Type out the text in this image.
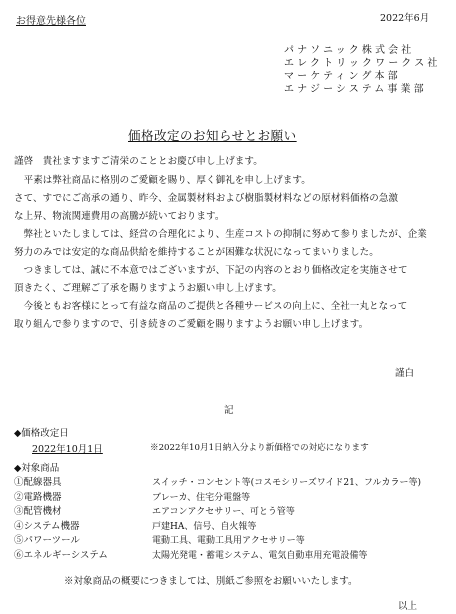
お得意先様各位	2022年6月
パナソニック株式会社
エレクトリックワークス社
マーケティング本部
エナジーシステム事業部
価格改定のお知らせとお願い
謹啓　貴社ますますご清栄のこととお慶び申し上げます。
　平素は弊社商品に格別のご愛顧を賜り、厚く御礼を申し上げます。
さて、すでにご高承の通り、昨今、金属製材料および樹脂製材料などの原材料価格の急激
な上昇、物流関連費用の高騰が続いております。
　弊社といたしましては、経営の合理化により、生産コストの抑制に努めて参りましたが、企業
努力のみでは安定的な商品供給を維持することが困難な状況になってまいりました。
　つきましては、誠に不本意ではございますが、下記の内容のとおり価格改定を実施させて
頂きたく、ご理解ご了承を賜りますようお願い申し上げます。
　今後ともお客様にとって有益な商品のご提供と各種サービスの向上に、全社一丸となって
取り組んで参りますので、引き続きのご愛顧を賜りますようお願い申し上げます。
謹白
記
◆価格改定日
2022年10月1日	※2022年10月1日納入分より新価格での対応になります
◆対象商品
①配線器具	スイッチ・コンセント等(コスモシリーズワイド21、フルカラー等)
②電路機器	ブレーカ、住宅分電盤等
③配管機材	エアコンアクセサリー、可とう管等
④システム機器	戸建HA、信号、自火報等
⑤パワーツール	電動工具、電動工具用アクセサリー等
⑥エネルギーシステム	太陽光発電・蓄電システム、電気自動車用充電設備等
※対象商品の概要につきましては、別紙ご参照をお願いいたします。
以上
